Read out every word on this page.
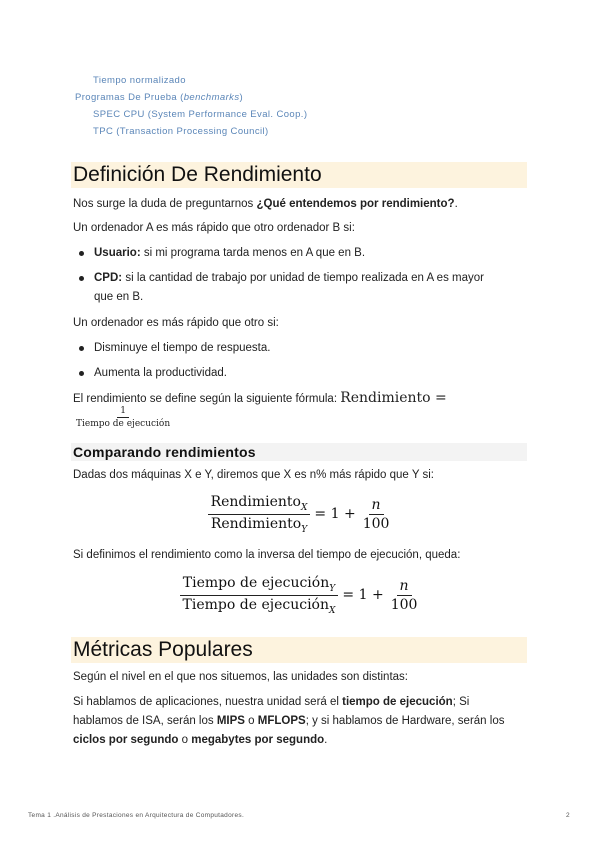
Tiempo normalizado
Programas De Prueba (benchmarks)
SPEC CPU (System Performance Eval. Coop.)
TPC (Transaction Processing Council)
Definición De Rendimiento
Nos surge la duda de preguntarnos ¿Qué entendemos por rendimiento?.
Un ordenador A es más rápido que otro ordenador B si:
Usuario: si mi programa tarda menos en A que en B.
CPD: si la cantidad de trabajo por unidad de tiempo realizada en A es mayor
que en B.
Un ordenador es más rápido que otro si:
Disminuye el tiempo de respuesta.
Aumenta la productividad.
El rendimiento se define según la siguiente fórmula: Rendimiento =
$\frac{1}{\text{Tiempo de ejecución}}$
Comparando rendimientos
Dadas dos máquinas X e Y, diremos que X es n% más rápido que Y si:
$\frac{Rendimiento_X}{Rendimiento_Y} = 1 + \frac{n}{100}$
Si definimos el rendimiento como la inversa del tiempo de ejecución, queda:
$\frac{Tiempo de ejecución_Y}{Tiempo de ejecución_X} = 1 + \frac{n}{100}$
Métricas Populares
Según el nivel en el que nos situemos, las unidades son distintas:
Si hablamos de aplicaciones, nuestra unidad será el tiempo de ejecución; Si
hablamos de ISA, serán los MIPS o MFLOPS; y si hablamos de Hardware, serán los
ciclos por segundo o megabytes por segundo.
Tema 1 .Análisis de Prestaciones en Arquitectura de Computadores.	2
